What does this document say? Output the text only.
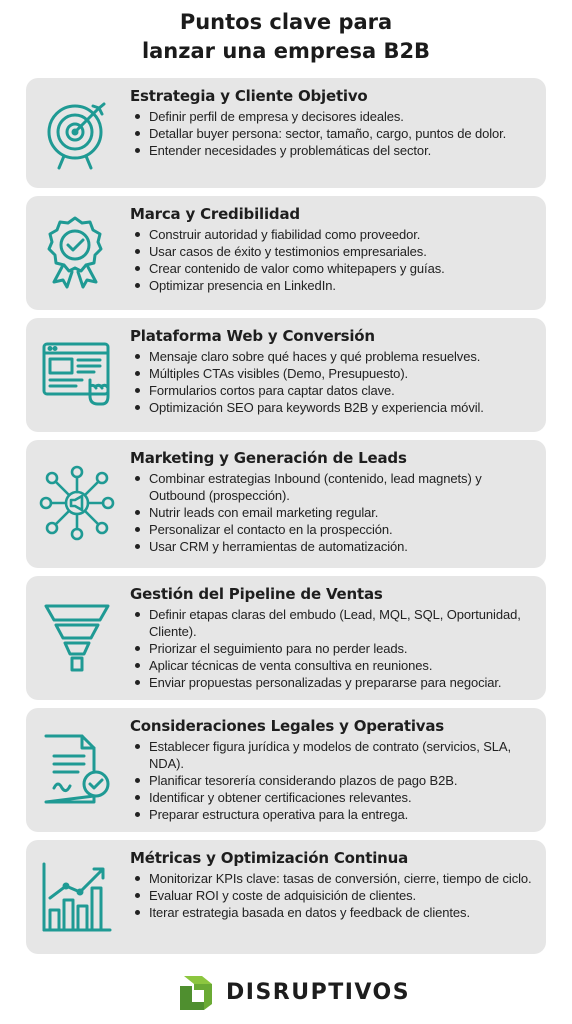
Puntos clave para
lanzar una empresa B2B
Estrategia y Cliente Objetivo
Definir perfil de empresa y decisores ideales.
Detallar buyer persona: sector, tamaño, cargo, puntos de dolor.
Entender necesidades y problemáticas del sector.
Marca y Credibilidad
Construir autoridad y fiabilidad como proveedor.
Usar casos de éxito y testimonios empresariales.
Crear contenido de valor como whitepapers y guías.
Optimizar presencia en LinkedIn.
Plataforma Web y Conversión
Mensaje claro sobre qué haces y qué problema resuelves.
Múltiples CTAs visibles (Demo, Presupuesto).
Formularios cortos para captar datos clave.
Optimización SEO para keywords B2B y experiencia móvil.
Marketing y Generación de Leads
Combinar estrategias Inbound (contenido, lead magnets) y Outbound (prospección).
Nutrir leads con email marketing regular.
Personalizar el contacto en la prospección.
Usar CRM y herramientas de automatización.
Gestión del Pipeline de Ventas
Definir etapas claras del embudo (Lead, MQL, SQL, Oportunidad, Cliente).
Priorizar el seguimiento para no perder leads.
Aplicar técnicas de venta consultiva en reuniones.
Enviar propuestas personalizadas y prepararse para negociar.
Consideraciones Legales y Operativas
Establecer figura jurídica y modelos de contrato (servicios, SLA, NDA).
Planificar tesorería considerando plazos de pago B2B.
Identificar y obtener certificaciones relevantes.
Preparar estructura operativa para la entrega.
Métricas y Optimización Continua
Monitorizar KPIs clave: tasas de conversión, cierre, tiempo de ciclo.
Evaluar ROI y coste de adquisición de clientes.
Iterar estrategia basada en datos y feedback de clientes.
DISRUPTIVOS
